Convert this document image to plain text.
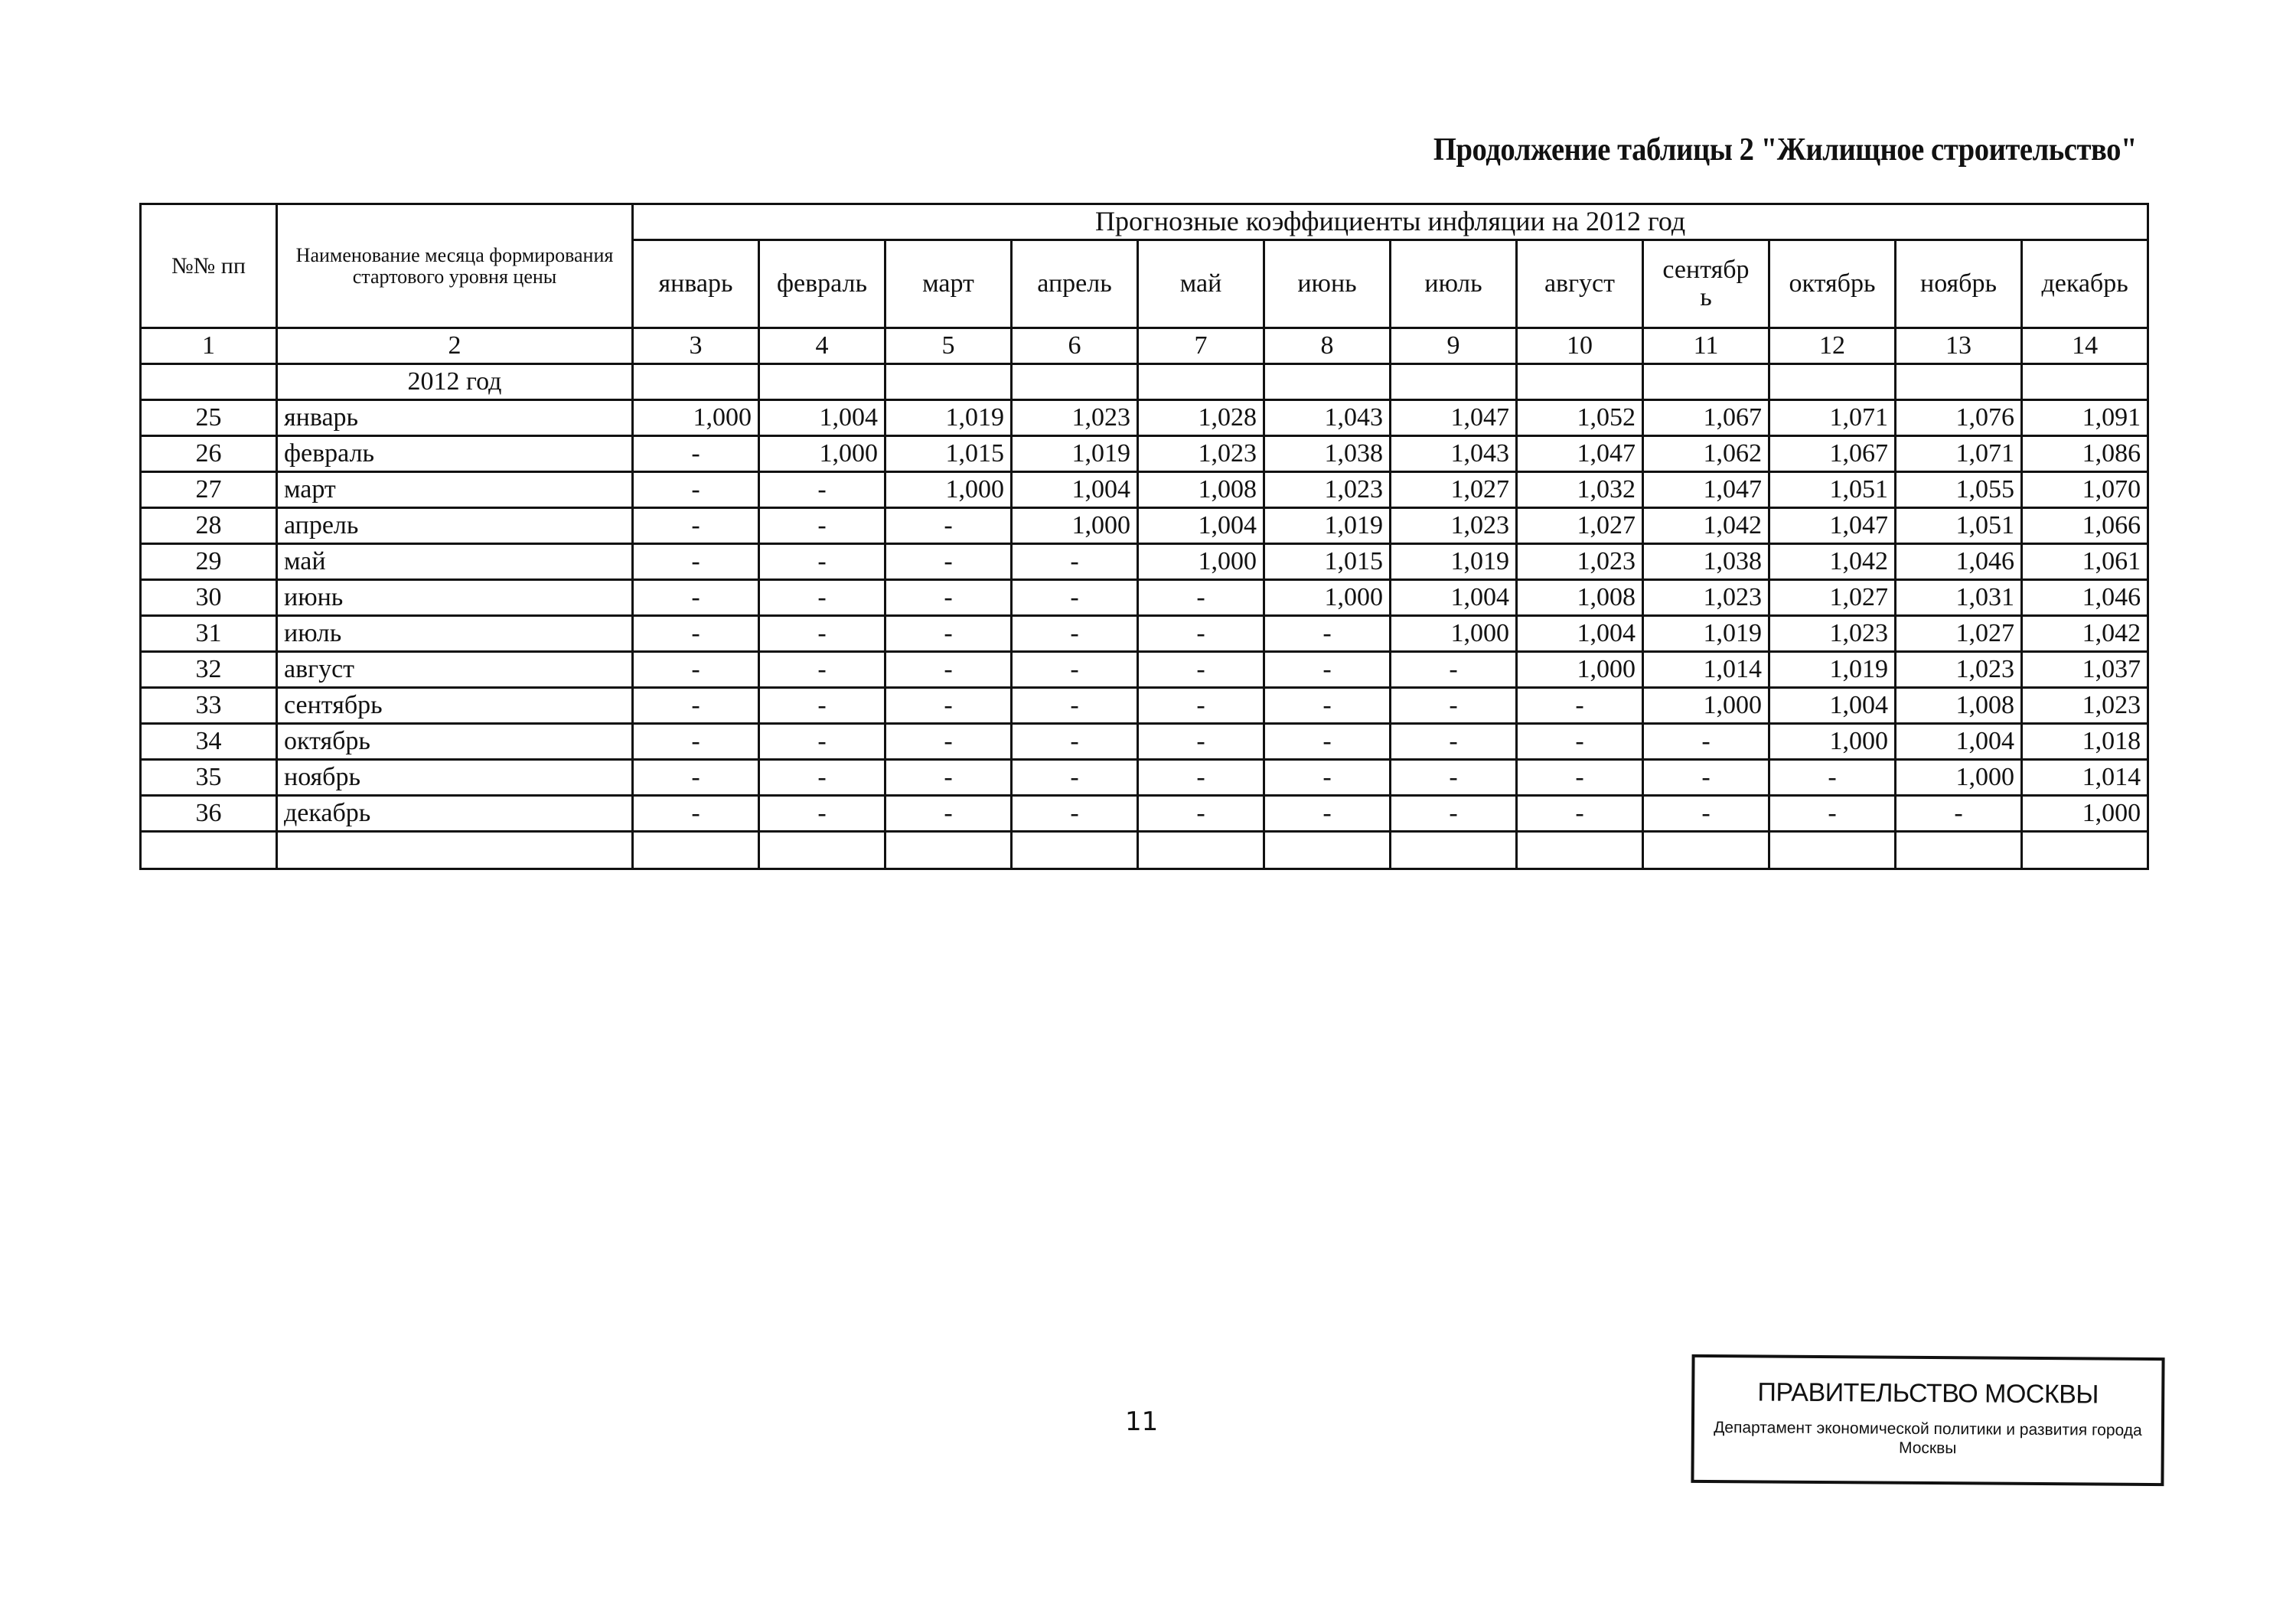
Продолжение таблицы 2 "Жилищное строительство"
№№ пп	Наименование месяца формирования стартового уровня цены	Прогнозные коэффициенты инфляции на 2012 год											
		январь	февраль	март	апрель	май	июнь	июль	август	сентябрь	октябрь	ноябрь	декабрь
1	2	3	4	5	6	7	8	9	10	11	12	13	14
	2012 год												
25	январь	1,000	1,004	1,019	1,023	1,028	1,043	1,047	1,052	1,067	1,071	1,076	1,091
26	февраль	-	1,000	1,015	1,019	1,023	1,038	1,043	1,047	1,062	1,067	1,071	1,086
27	март	-	-	1,000	1,004	1,008	1,023	1,027	1,032	1,047	1,051	1,055	1,070
28	апрель	-	-	-	1,000	1,004	1,019	1,023	1,027	1,042	1,047	1,051	1,066
29	май	-	-	-	-	1,000	1,015	1,019	1,023	1,038	1,042	1,046	1,061
30	июнь	-	-	-	-	-	1,000	1,004	1,008	1,023	1,027	1,031	1,046
31	июль	-	-	-	-	-	-	1,000	1,004	1,019	1,023	1,027	1,042
32	август	-	-	-	-	-	-	-	1,000	1,014	1,019	1,023	1,037
33	сентябрь	-	-	-	-	-	-	-	-	1,000	1,004	1,008	1,023
34	октябрь	-	-	-	-	-	-	-	-	-	1,000	1,004	1,018
35	ноябрь	-	-	-	-	-	-	-	-	-	-	1,000	1,014
36	декабрь	-	-	-	-	-	-	-	-	-	-	-	1,000

11
ПРАВИТЕЛЬСТВО МОСКВЫ
Департамент экономической политики и развития города Москвы
